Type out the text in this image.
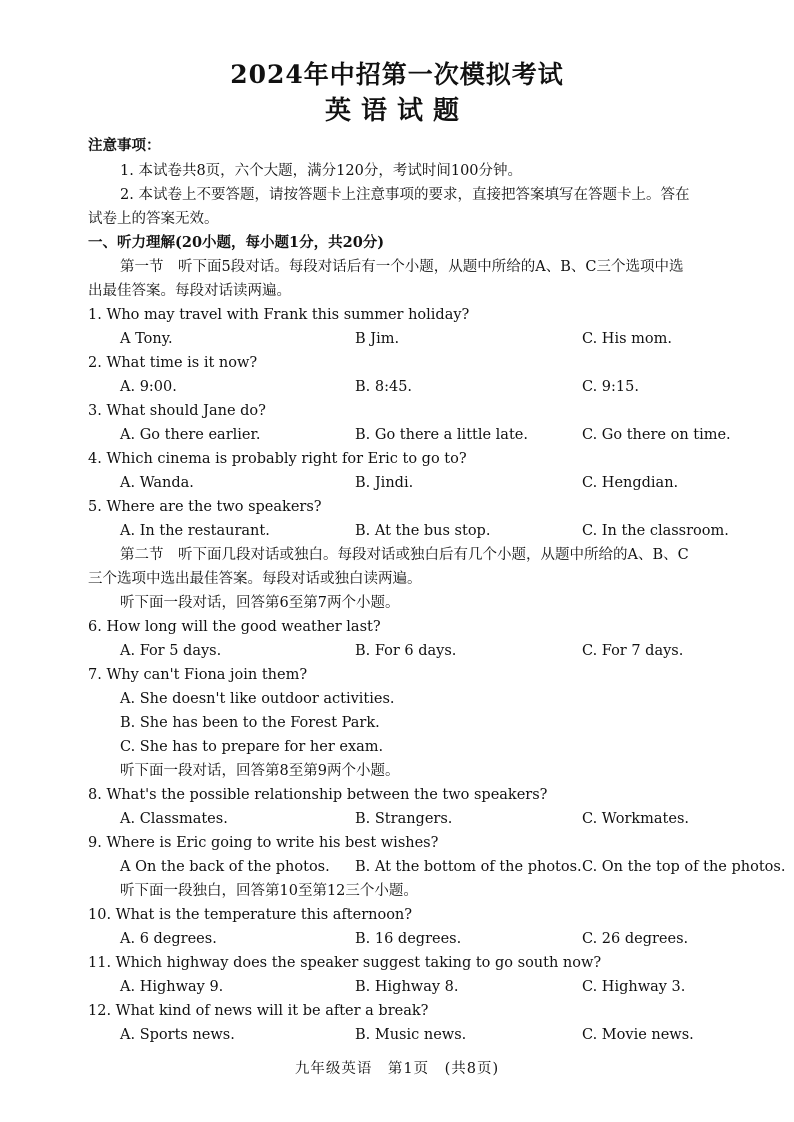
2024年中招第一次模拟考试
英语试题
注意事项：
1. 本试卷共8页，六个大题，满分120分，考试时间100分钟。
2. 本试卷上不要答题，请按答题卡上注意事项的要求，直接把答案填写在答题卡上。答在
试卷上的答案无效。
一、听力理解(20小题，每小题1分，共20分)
第一节　听下面5段对话。每段对话后有一个小题，从题中所给的A、B、C三个选项中选
出最佳答案。每段对话读两遍。
1. Who may travel with Frank this summer holiday?
A Tony.	B Jim.	C. His mom.
2. What time is it now?
A. 9:00.	B. 8:45.	C. 9:15.
3. What should Jane do?
A. Go there earlier.	B. Go there a little late.	C. Go there on time.
4. Which cinema is probably right for Eric to go to?
A. Wanda.	B. Jindi.	C. Hengdian.
5. Where are the two speakers?
A. In the restaurant.	B. At the bus stop.	C. In the classroom.
第二节　听下面几段对话或独白。每段对话或独白后有几个小题，从题中所给的A、B、C
三个选项中选出最佳答案。每段对话或独白读两遍。
听下面一段对话，回答第6至第7两个小题。
6. How long will the good weather last?
A. For 5 days.	B. For 6 days.	C. For 7 days.
7. Why can't Fiona join them?
A. She doesn't like outdoor activities.
B. She has been to the Forest Park.
C. She has to prepare for her exam.
听下面一段对话，回答第8至第9两个小题。
8. What's the possible relationship between the two speakers?
A. Classmates.	B. Strangers.	C. Workmates.
9. Where is Eric going to write his best wishes?
A On the back of the photos. B. At the bottom of the photos. C. On the top of the photos.
听下面一段独白，回答第10至第12三个小题。
10. What is the temperature this afternoon?
A. 6 degrees.	B. 16 degrees.	C. 26 degrees.
11. Which highway does the speaker suggest taking to go south now?
A. Highway 9.	B. Highway 8.	C. Highway 3.
12. What kind of news will it be after a break?
A. Sports news.	B. Music news.	C. Movie news.
九年级英语　第1页　(共8页)
